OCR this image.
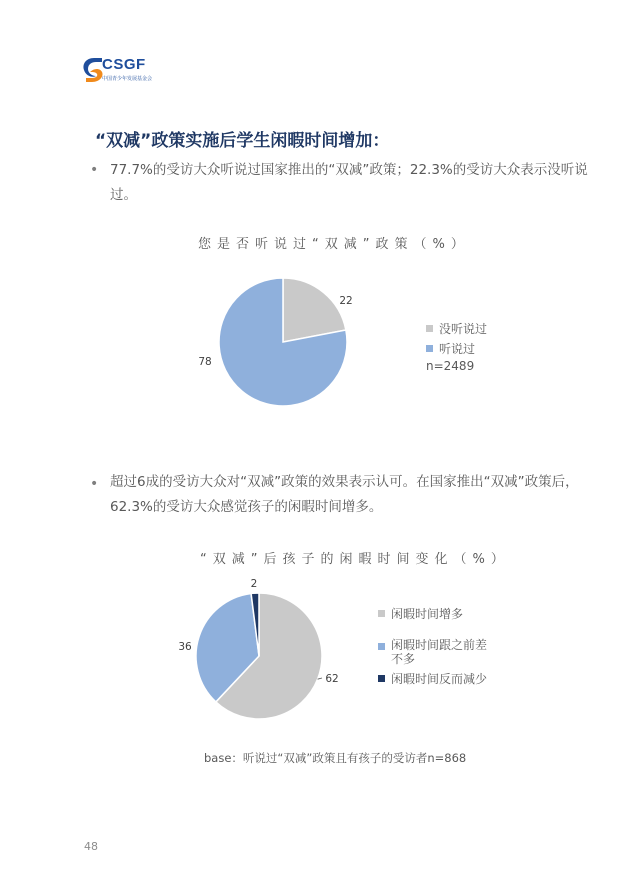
CSGF
中国青少年发展基金会
“双减”政策实施后学生闲暇时间增加：
• 77.7%的受访大众听说过国家推出的“双减”政策；22.3%的受访大众表示没听说过。
您是否听说过“双减”政策（%）
22
78
没听说过
听说过
n=2489
• 超过6成的受访大众对“双减”政策的效果表示认可。在国家推出“双减”政策后，62.3%的受访大众感觉孩子的闲暇时间增多。
“双减”后孩子的闲暇时间变化（%）
62
36
2
闲暇时间增多
闲暇时间跟之前差不多
闲暇时间反而减少
base：听说过“双减”政策且有孩子的受访者n=868
48
